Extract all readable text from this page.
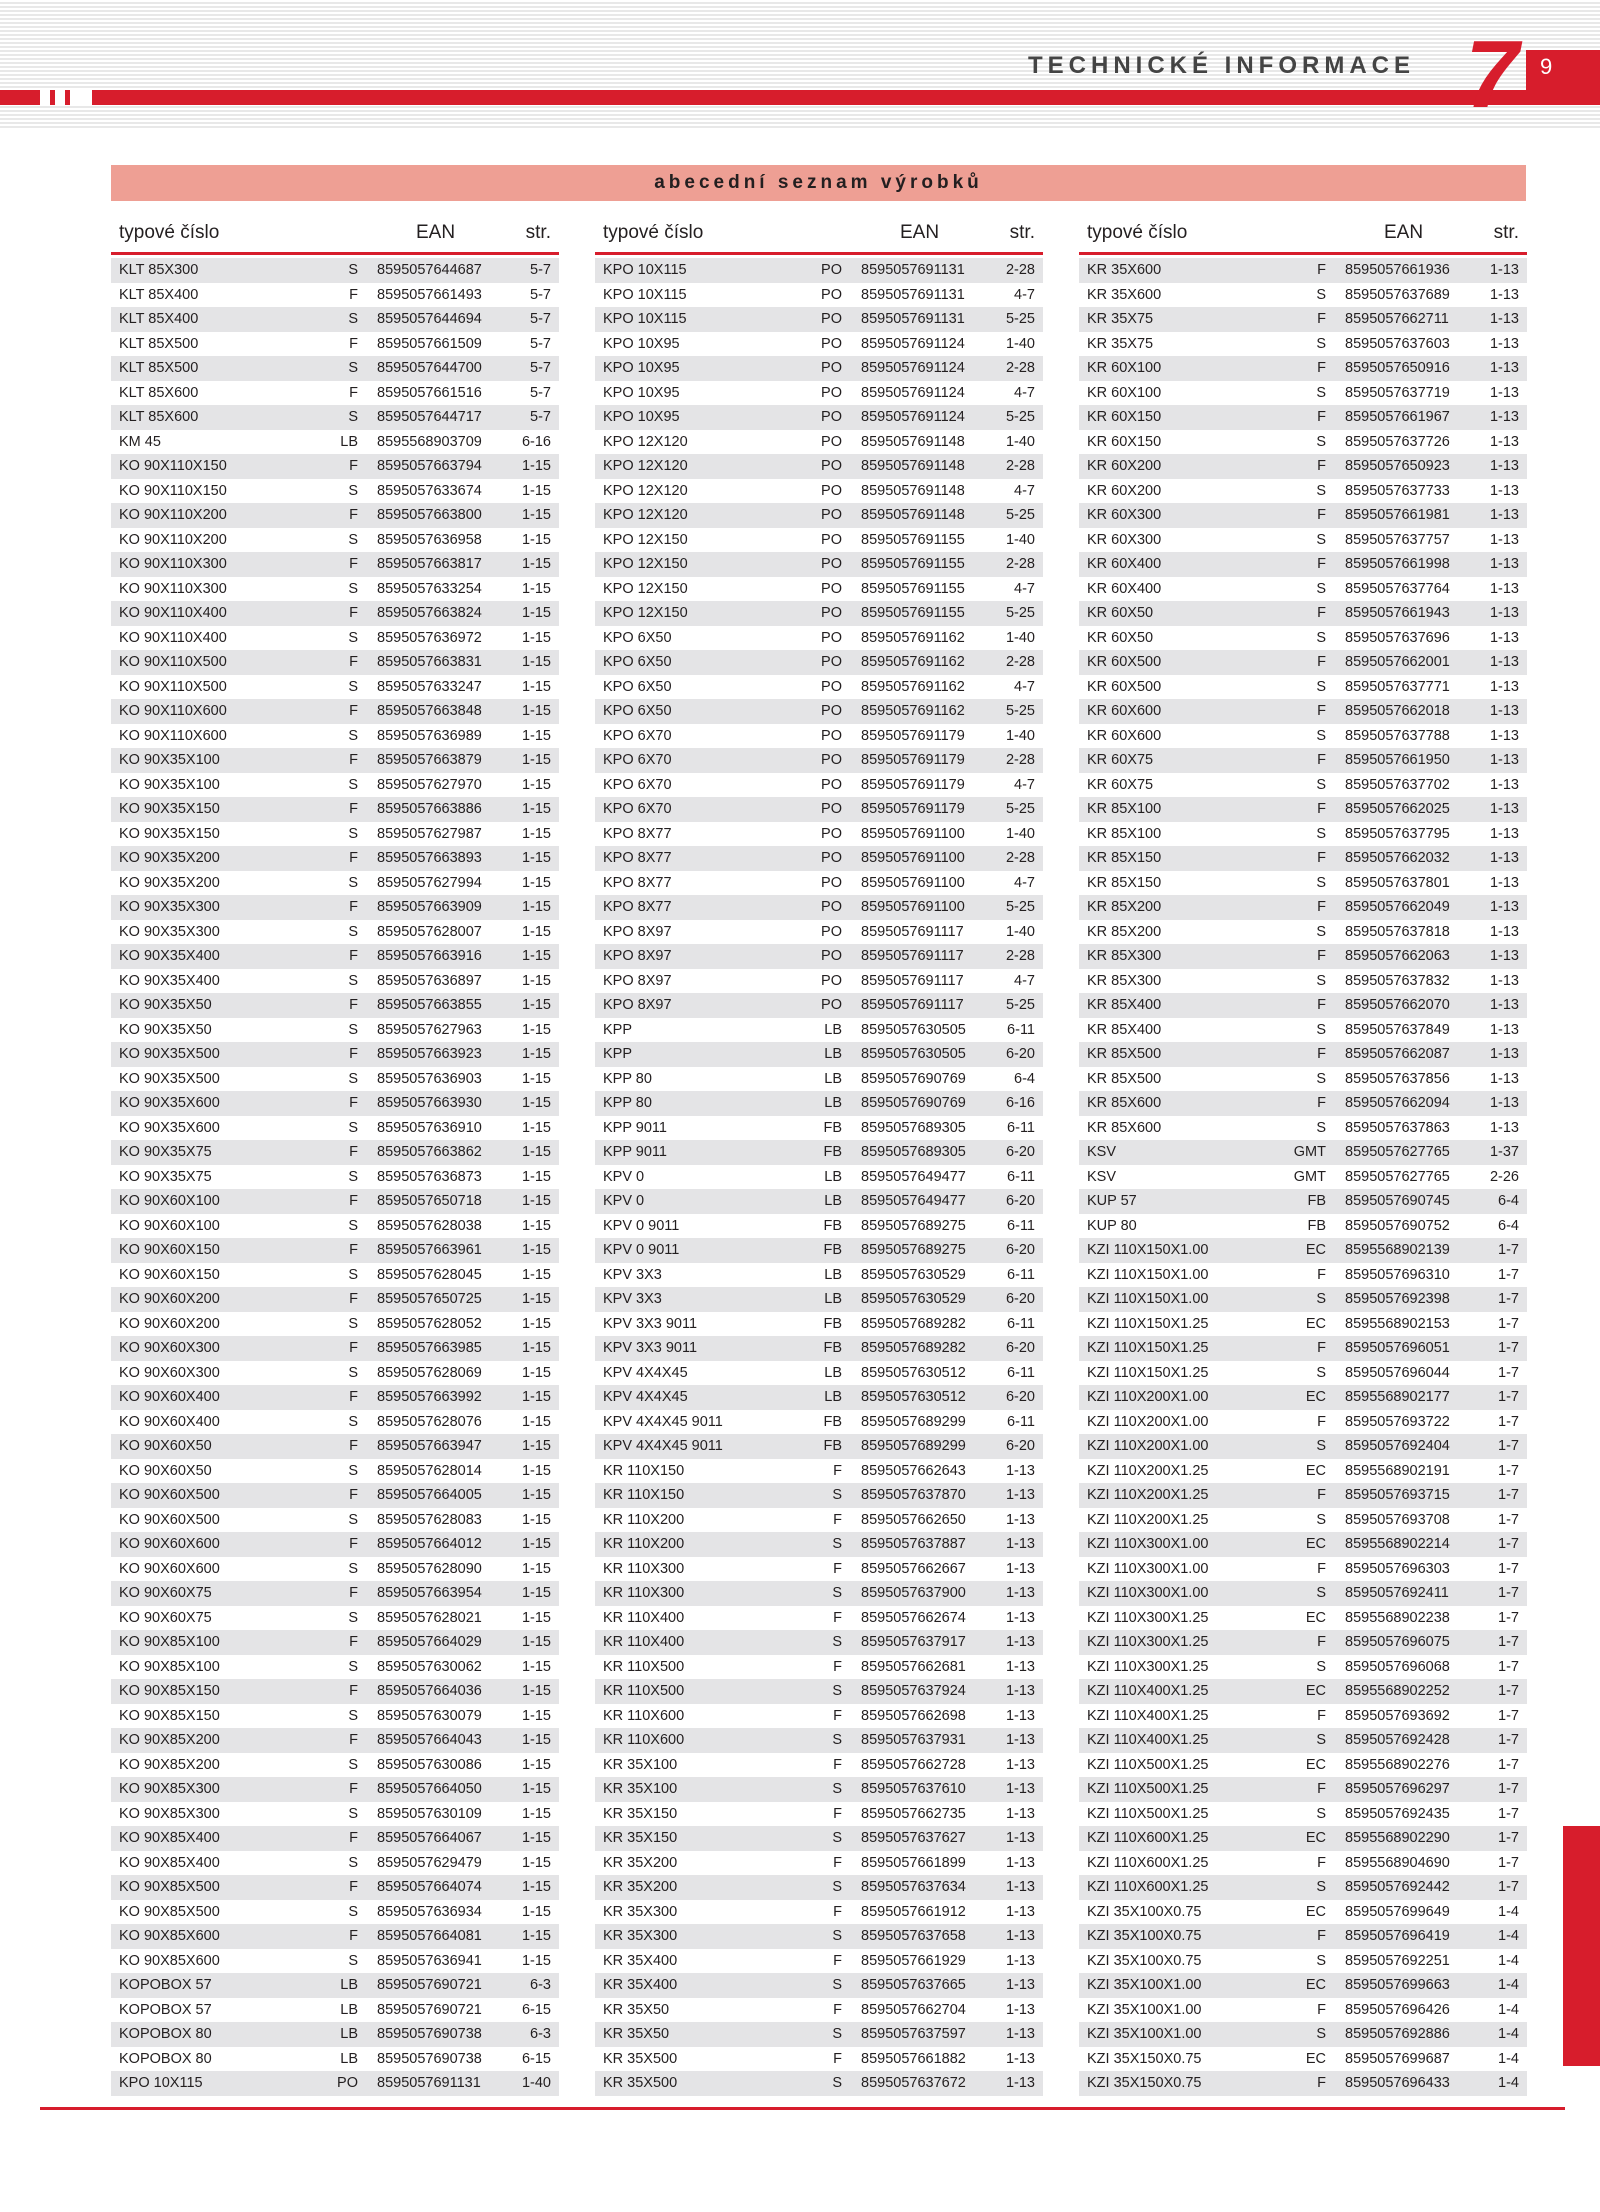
TECHNICKÉ INFORMACE 7 9
abecední seznam výrobků
typové číslo	EAN	str.
KLT 85X300	S 8595057644687	5-7
KLT 85X400	F 8595057661493	5-7
KLT 85X400	S 8595057644694	5-7
KLT 85X500	F 8595057661509	5-7
KLT 85X500	S 8595057644700	5-7
KLT 85X600	F 8595057661516	5-7
KLT 85X600	S 8595057644717	5-7
KM 45	LB 8595568903709	6-16
KO 90X110X150	F 8595057663794	1-15
KO 90X110X150	S 8595057633674	1-15
KO 90X110X200	F 8595057663800	1-15
KO 90X110X200	S 8595057636958	1-15
KO 90X110X300	F 8595057663817	1-15
KO 90X110X300	S 8595057633254	1-15
KO 90X110X400	F 8595057663824	1-15
KO 90X110X400	S 8595057636972	1-15
KO 90X110X500	F 8595057663831	1-15
KO 90X110X500	S 8595057633247	1-15
KO 90X110X600	F 8595057663848	1-15
KO 90X110X600	S 8595057636989	1-15
KO 90X35X100	F 8595057663879	1-15
KO 90X35X100	S 8595057627970	1-15
KO 90X35X150	F 8595057663886	1-15
KO 90X35X150	S 8595057627987	1-15
KO 90X35X200	F 8595057663893	1-15
KO 90X35X200	S 8595057627994	1-15
KO 90X35X300	F 8595057663909	1-15
KO 90X35X300	S 8595057628007	1-15
KO 90X35X400	F 8595057663916	1-15
KO 90X35X400	S 8595057636897	1-15
KO 90X35X50	F 8595057663855	1-15
KO 90X35X50	S 8595057627963	1-15
KO 90X35X500	F 8595057663923	1-15
KO 90X35X500	S 8595057636903	1-15
KO 90X35X600	F 8595057663930	1-15
KO 90X35X600	S 8595057636910	1-15
KO 90X35X75	F 8595057663862	1-15
KO 90X35X75	S 8595057636873	1-15
KO 90X60X100	F 8595057650718	1-15
KO 90X60X100	S 8595057628038	1-15
KO 90X60X150	F 8595057663961	1-15
KO 90X60X150	S 8595057628045	1-15
KO 90X60X200	F 8595057650725	1-15
KO 90X60X200	S 8595057628052	1-15
KO 90X60X300	F 8595057663985	1-15
KO 90X60X300	S 8595057628069	1-15
KO 90X60X400	F 8595057663992	1-15
KO 90X60X400	S 8595057628076	1-15
KO 90X60X50	F 8595057663947	1-15
KO 90X60X50	S 8595057628014	1-15
KO 90X60X500	F 8595057664005	1-15
KO 90X60X500	S 8595057628083	1-15
KO 90X60X600	F 8595057664012	1-15
KO 90X60X600	S 8595057628090	1-15
KO 90X60X75	F 8595057663954	1-15
KO 90X60X75	S 8595057628021	1-15
KO 90X85X100	F 8595057664029	1-15
KO 90X85X100	S 8595057630062	1-15
KO 90X85X150	F 8595057664036	1-15
KO 90X85X150	S 8595057630079	1-15
KO 90X85X200	F 8595057664043	1-15
KO 90X85X200	S 8595057630086	1-15
KO 90X85X300	F 8595057664050	1-15
KO 90X85X300	S 8595057630109	1-15
KO 90X85X400	F 8595057664067	1-15
KO 90X85X400	S 8595057629479	1-15
KO 90X85X500	F 8595057664074	1-15
KO 90X85X500	S 8595057636934	1-15
KO 90X85X600	F 8595057664081	1-15
KO 90X85X600	S 8595057636941	1-15
KOPOBOX 57	LB 8595057690721	6-3
KOPOBOX 57	LB 8595057690721	6-15
KOPOBOX 80	LB 8595057690738	6-3
KOPOBOX 80	LB 8595057690738	6-15
KPO 10X115	PO 8595057691131	1-40
typové číslo	EAN	str.
KPO 10X115	PO 8595057691131	2-28
KPO 10X115	PO 8595057691131	4-7
KPO 10X115	PO 8595057691131	5-25
KPO 10X95	PO 8595057691124	1-40
KPO 10X95	PO 8595057691124	2-28
KPO 10X95	PO 8595057691124	4-7
KPO 10X95	PO 8595057691124	5-25
KPO 12X120	PO 8595057691148	1-40
KPO 12X120	PO 8595057691148	2-28
KPO 12X120	PO 8595057691148	4-7
KPO 12X120	PO 8595057691148	5-25
KPO 12X150	PO 8595057691155	1-40
KPO 12X150	PO 8595057691155	2-28
KPO 12X150	PO 8595057691155	4-7
KPO 12X150	PO 8595057691155	5-25
KPO 6X50	PO 8595057691162	1-40
KPO 6X50	PO 8595057691162	2-28
KPO 6X50	PO 8595057691162	4-7
KPO 6X50	PO 8595057691162	5-25
KPO 6X70	PO 8595057691179	1-40
KPO 6X70	PO 8595057691179	2-28
KPO 6X70	PO 8595057691179	4-7
KPO 6X70	PO 8595057691179	5-25
KPO 8X77	PO 8595057691100	1-40
KPO 8X77	PO 8595057691100	2-28
KPO 8X77	PO 8595057691100	4-7
KPO 8X77	PO 8595057691100	5-25
KPO 8X97	PO 8595057691117	1-40
KPO 8X97	PO 8595057691117	2-28
KPO 8X97	PO 8595057691117	4-7
KPO 8X97	PO 8595057691117	5-25
KPP	LB 8595057630505	6-11
KPP	LB 8595057630505	6-20
KPP 80	LB 8595057690769	6-4
KPP 80	LB 8595057690769	6-16
KPP 9011	FB 8595057689305	6-11
KPP 9011	FB 8595057689305	6-20
KPV 0	LB 8595057649477	6-11
KPV 0	LB 8595057649477	6-20
KPV 0 9011	FB 8595057689275	6-11
KPV 0 9011	FB 8595057689275	6-20
KPV 3X3	LB 8595057630529	6-11
KPV 3X3	LB 8595057630529	6-20
KPV 3X3 9011	FB 8595057689282	6-11
KPV 3X3 9011	FB 8595057689282	6-20
KPV 4X4X45	LB 8595057630512	6-11
KPV 4X4X45	LB 8595057630512	6-20
KPV 4X4X45 9011	FB 8595057689299	6-11
KPV 4X4X45 9011	FB 8595057689299	6-20
KR 110X150	F 8595057662643	1-13
KR 110X150	S 8595057637870	1-13
KR 110X200	F 8595057662650	1-13
KR 110X200	S 8595057637887	1-13
KR 110X300	F 8595057662667	1-13
KR 110X300	S 8595057637900	1-13
KR 110X400	F 8595057662674	1-13
KR 110X400	S 8595057637917	1-13
KR 110X500	F 8595057662681	1-13
KR 110X500	S 8595057637924	1-13
KR 110X600	F 8595057662698	1-13
KR 110X600	S 8595057637931	1-13
KR 35X100	F 8595057662728	1-13
KR 35X100	S 8595057637610	1-13
KR 35X150	F 8595057662735	1-13
KR 35X150	S 8595057637627	1-13
KR 35X200	F 8595057661899	1-13
KR 35X200	S 8595057637634	1-13
KR 35X300	F 8595057661912	1-13
KR 35X300	S 8595057637658	1-13
KR 35X400	F 8595057661929	1-13
KR 35X400	S 8595057637665	1-13
KR 35X50	F 8595057662704	1-13
KR 35X50	S 8595057637597	1-13
KR 35X500	F 8595057661882	1-13
KR 35X500	S 8595057637672	1-13
typové číslo	EAN	str.
KR 35X600	F 8595057661936	1-13
KR 35X600	S 8595057637689	1-13
KR 35X75	F 8595057662711	1-13
KR 35X75	S 8595057637603	1-13
KR 60X100	F 8595057650916	1-13
KR 60X100	S 8595057637719	1-13
KR 60X150	F 8595057661967	1-13
KR 60X150	S 8595057637726	1-13
KR 60X200	F 8595057650923	1-13
KR 60X200	S 8595057637733	1-13
KR 60X300	F 8595057661981	1-13
KR 60X300	S 8595057637757	1-13
KR 60X400	F 8595057661998	1-13
KR 60X400	S 8595057637764	1-13
KR 60X50	F 8595057661943	1-13
KR 60X50	S 8595057637696	1-13
KR 60X500	F 8595057662001	1-13
KR 60X500	S 8595057637771	1-13
KR 60X600	F 8595057662018	1-13
KR 60X600	S 8595057637788	1-13
KR 60X75	F 8595057661950	1-13
KR 60X75	S 8595057637702	1-13
KR 85X100	F 8595057662025	1-13
KR 85X100	S 8595057637795	1-13
KR 85X150	F 8595057662032	1-13
KR 85X150	S 8595057637801	1-13
KR 85X200	F 8595057662049	1-13
KR 85X200	S 8595057637818	1-13
KR 85X300	F 8595057662063	1-13
KR 85X300	S 8595057637832	1-13
KR 85X400	F 8595057662070	1-13
KR 85X400	S 8595057637849	1-13
KR 85X500	F 8595057662087	1-13
KR 85X500	S 8595057637856	1-13
KR 85X600	F 8595057662094	1-13
KR 85X600	S 8595057637863	1-13
KSV	GMT 8595057627765	1-37
KSV	GMT 8595057627765	2-26
KUP 57	FB 8595057690745	6-4
KUP 80	FB 8595057690752	6-4
KZI 110X150X1.00	EC 8595568902139	1-7
KZI 110X150X1.00	F 8595057696310	1-7
KZI 110X150X1.00	S 8595057692398	1-7
KZI 110X150X1.25	EC 8595568902153	1-7
KZI 110X150X1.25	F 8595057696051	1-7
KZI 110X150X1.25	S 8595057696044	1-7
KZI 110X200X1.00	EC 8595568902177	1-7
KZI 110X200X1.00	F 8595057693722	1-7
KZI 110X200X1.00	S 8595057692404	1-7
KZI 110X200X1.25	EC 8595568902191	1-7
KZI 110X200X1.25	F 8595057693715	1-7
KZI 110X200X1.25	S 8595057693708	1-7
KZI 110X300X1.00	EC 8595568902214	1-7
KZI 110X300X1.00	F 8595057696303	1-7
KZI 110X300X1.00	S 8595057692411	1-7
KZI 110X300X1.25	EC 8595568902238	1-7
KZI 110X300X1.25	F 8595057696075	1-7
KZI 110X300X1.25	S 8595057696068	1-7
KZI 110X400X1.25	EC 8595568902252	1-7
KZI 110X400X1.25	F 8595057693692	1-7
KZI 110X400X1.25	S 8595057692428	1-7
KZI 110X500X1.25	EC 8595568902276	1-7
KZI 110X500X1.25	F 8595057696297	1-7
KZI 110X500X1.25	S 8595057692435	1-7
KZI 110X600X1.25	EC 8595568902290	1-7
KZI 110X600X1.25	F 8595568904690	1-7
KZI 110X600X1.25	S 8595057692442	1-7
KZI 35X100X0.75	EC 8595057699649	1-4
KZI 35X100X0.75	F 8595057696419	1-4
KZI 35X100X0.75	S 8595057692251	1-4
KZI 35X100X1.00	EC 8595057699663	1-4
KZI 35X100X1.00	F 8595057696426	1-4
KZI 35X100X1.00	S 8595057692886	1-4
KZI 35X150X0.75	EC 8595057699687	1-4
KZI 35X150X0.75	F 8595057696433	1-4
